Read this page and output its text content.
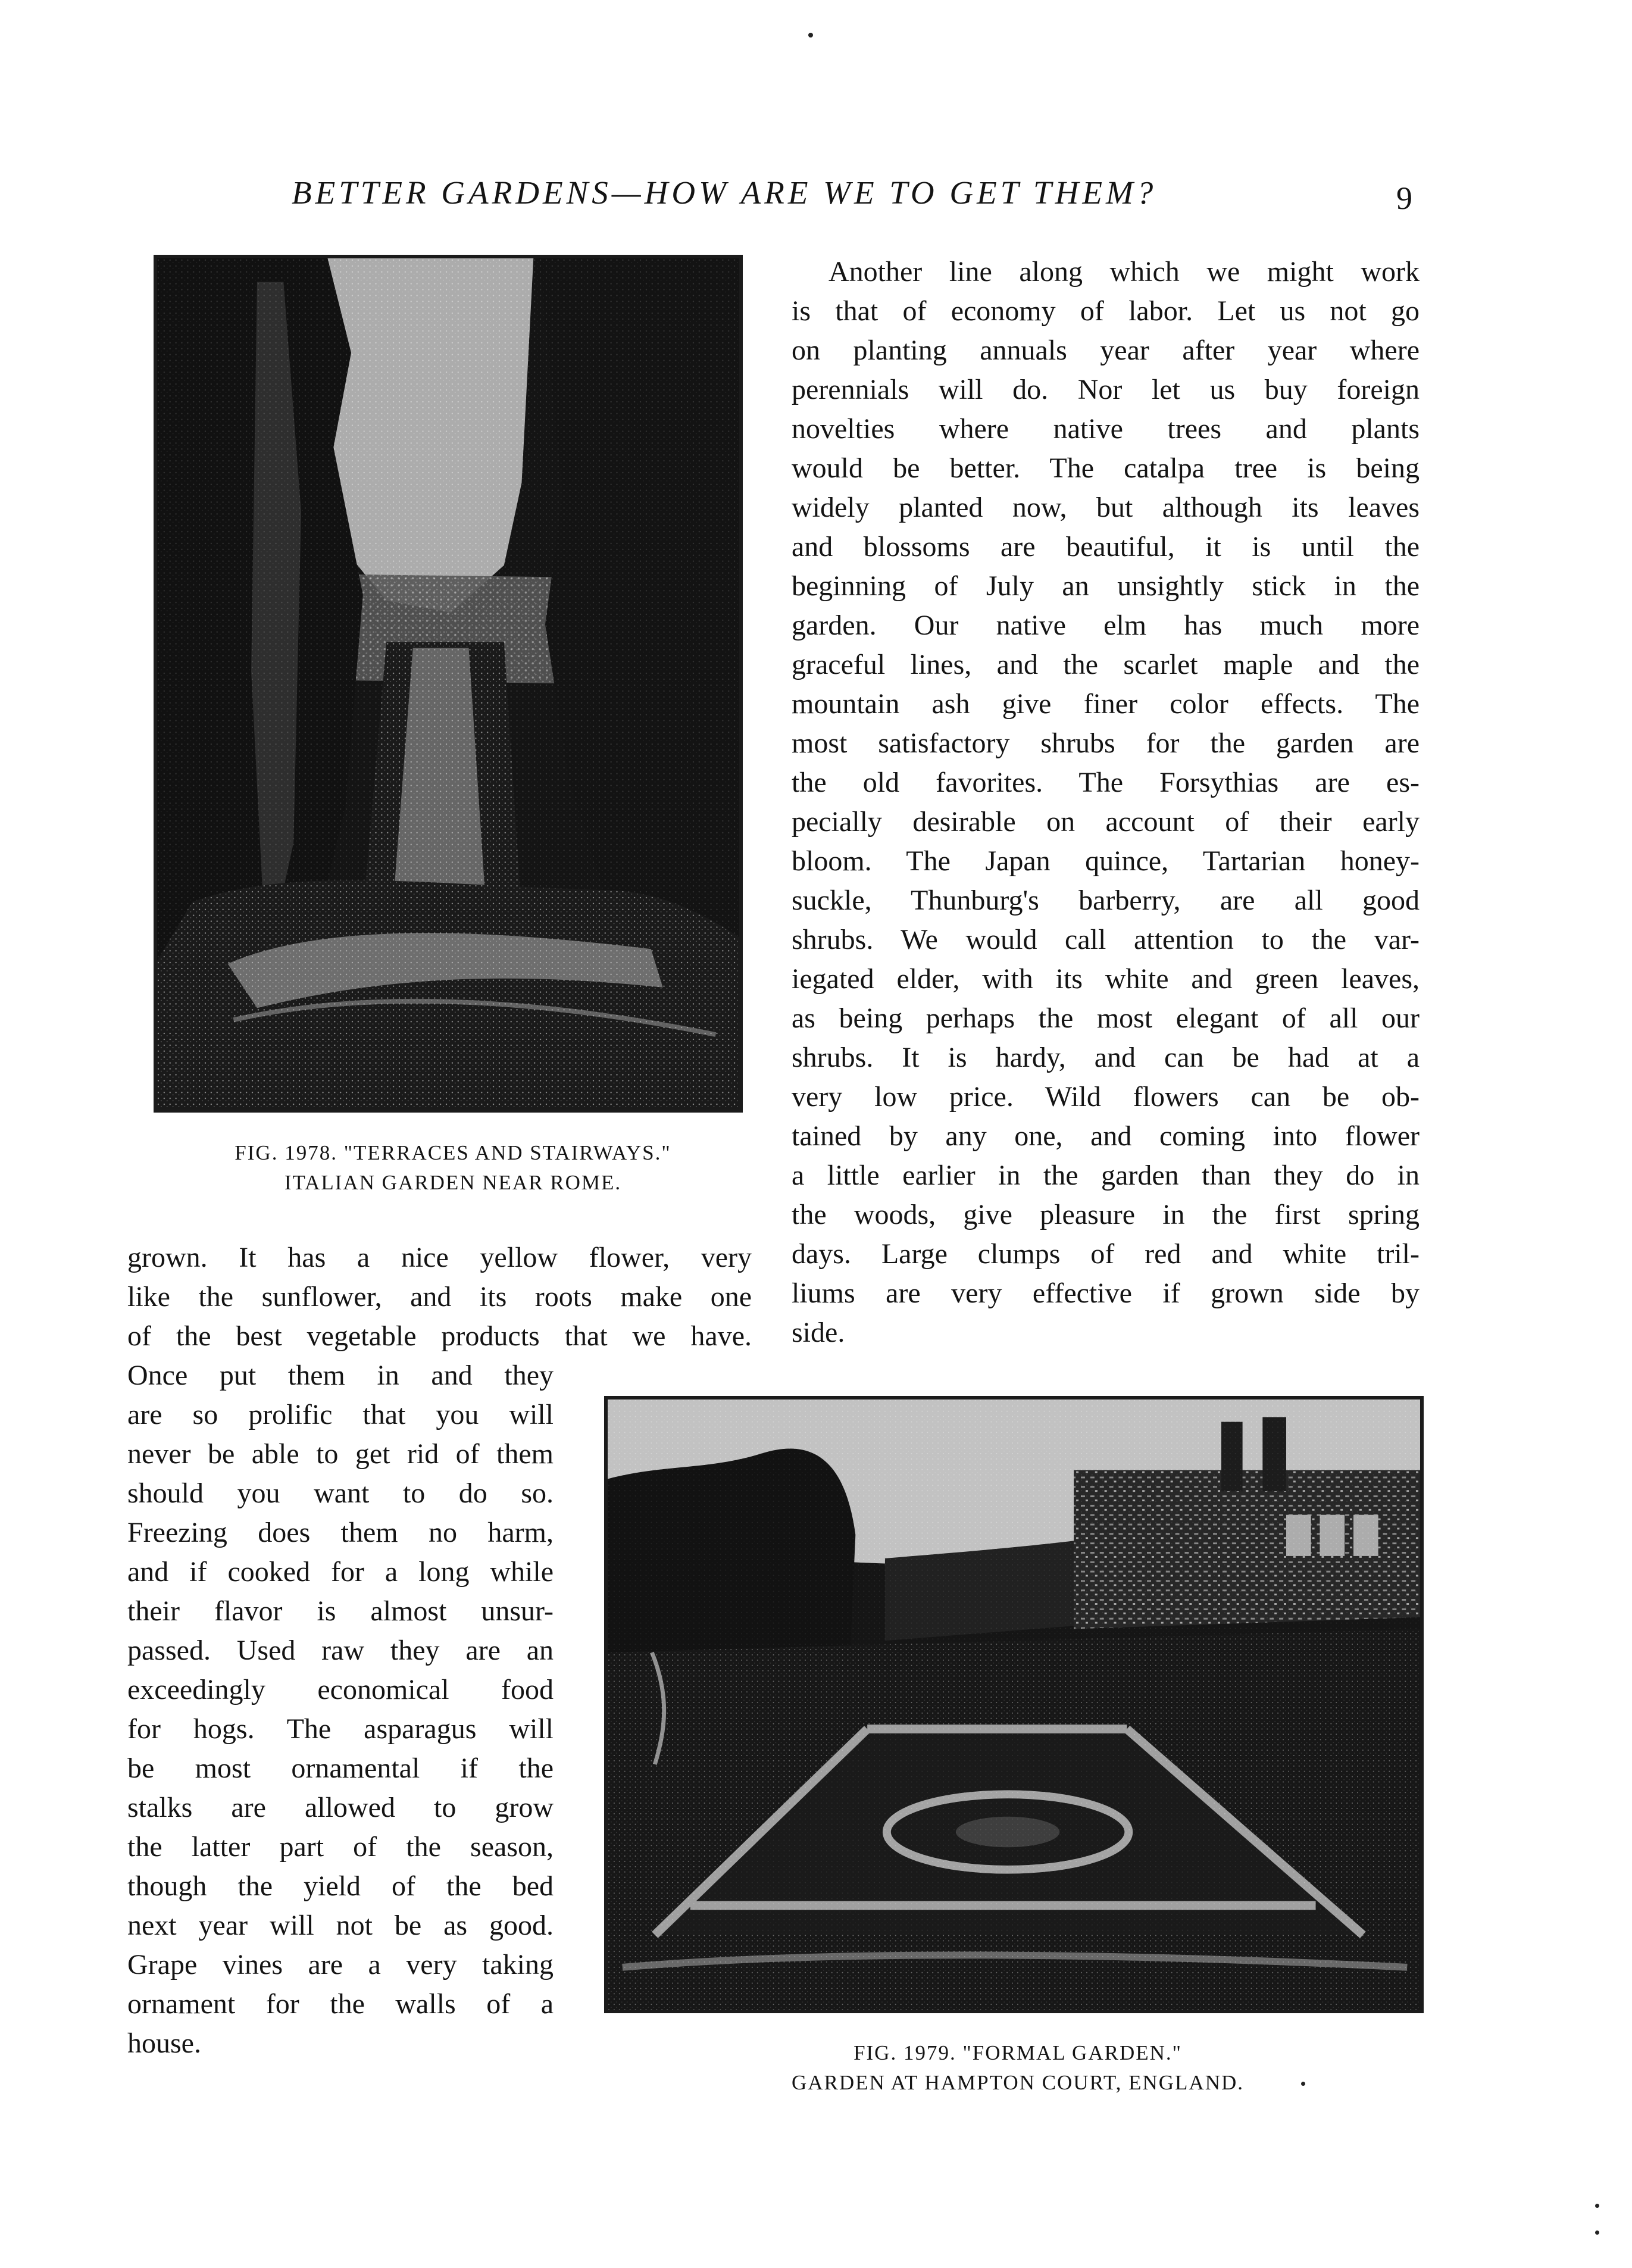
BETTER GARDENS—HOW ARE WE TO GET THEM?	9
FIG. 1978. "TERRACES AND STAIRWAYS."
ITALIAN GARDEN NEAR ROME.
Another line along which we might work
is that of economy of labor. Let us not go
on planting annuals year after year where
perennials will do. Nor let us buy foreign
novelties where native trees and plants
would be better. The catalpa tree is being
widely planted now, but although its leaves
and blossoms are beautiful, it is until the
beginning of July an unsightly stick in the
garden. Our native elm has much more
graceful lines, and the scarlet maple and the
mountain ash give finer color effects. The
most satisfactory shrubs for the garden are
the old favorites. The Forsythias are es-
pecially desirable on account of their early
bloom. The Japan quince, Tartarian honey-
suckle, Thunburg's barberry, are all good
shrubs. We would call attention to the var-
iegated elder, with its white and green leaves,
as being perhaps the most elegant of all our
shrubs. It is hardy, and can be had at a
very low price. Wild flowers can be ob-
tained by any one, and coming into flower
a little earlier in the garden than they do in
the woods, give pleasure in the first spring
days. Large clumps of red and white tril-
liums are very effective if grown side by
side.
grown. It has a nice yellow flower, very
like the sunflower, and its roots make one
of the best vegetable products that we have.
Once put them in and they
are so prolific that you will
never be able to get rid of them
should you want to do so.
Freezing does them no harm,
and if cooked for a long while
their flavor is almost unsur-
passed. Used raw they are an
exceedingly economical food
for hogs. The asparagus will
be most ornamental if the
stalks are allowed to grow
the latter part of the season,
though the yield of the bed
next year will not be as good.
Grape vines are a very taking
ornament for the walls of a
house.	FIG. 1979. "FORMAL GARDEN."
GARDEN AT HAMPTON COURT, ENGLAND.
